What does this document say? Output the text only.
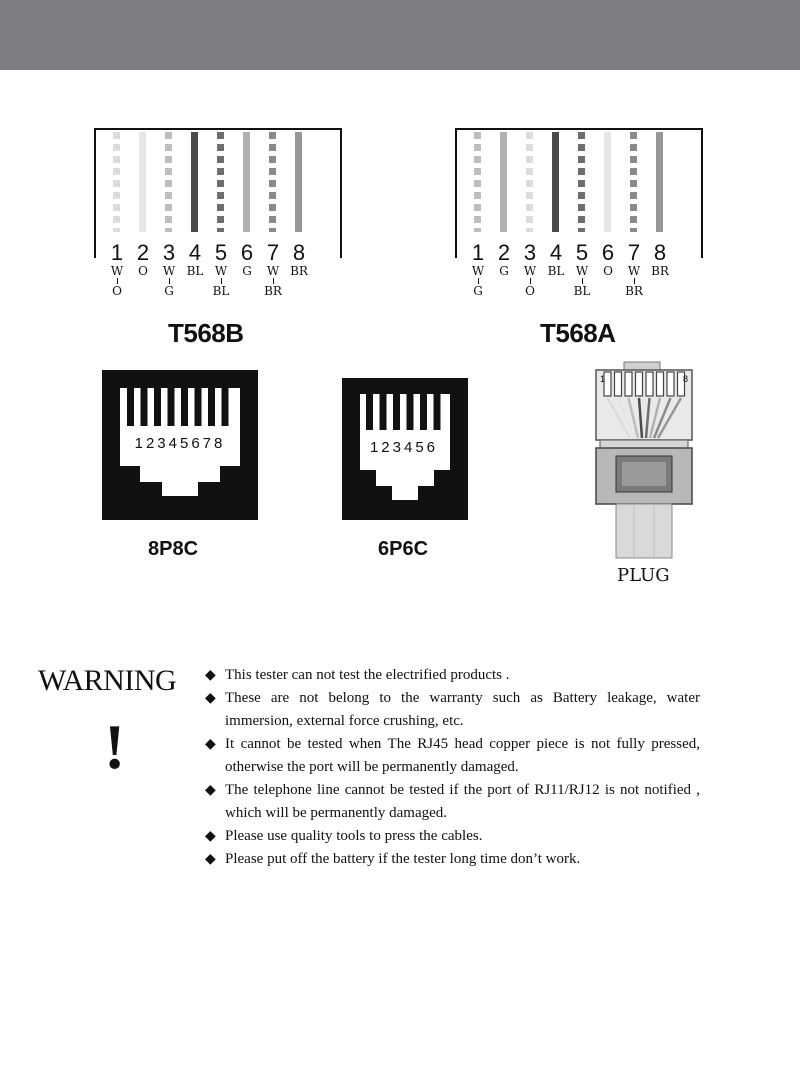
1
W
O
2
O
3
W
G
4
BL
5
W
BL
6
G
7
W
BR
8
BR
T568B
1
W
G
2
G
3
W
O
4
BL
5
W
BL
6
O
7
W
BR
8
BR
T568A
12345678
8P8C
123456
6P6C
1	8
PLUG
WARNING
!
◆ This tester can not test the electrified products .
◆ These are not belong to the warranty such as Battery leakage, water immersion, external force crushing, etc.
◆ It cannot be tested when The RJ45 head copper piece is not fully pressed, otherwise the port will be permanently damaged.
◆ The telephone line cannot be tested if the port of RJ11/RJ12 is not notified , which will be permanently damaged.
◆ Please use quality tools to press the cables.
◆ Please put off the battery if the tester long time don’t work.
